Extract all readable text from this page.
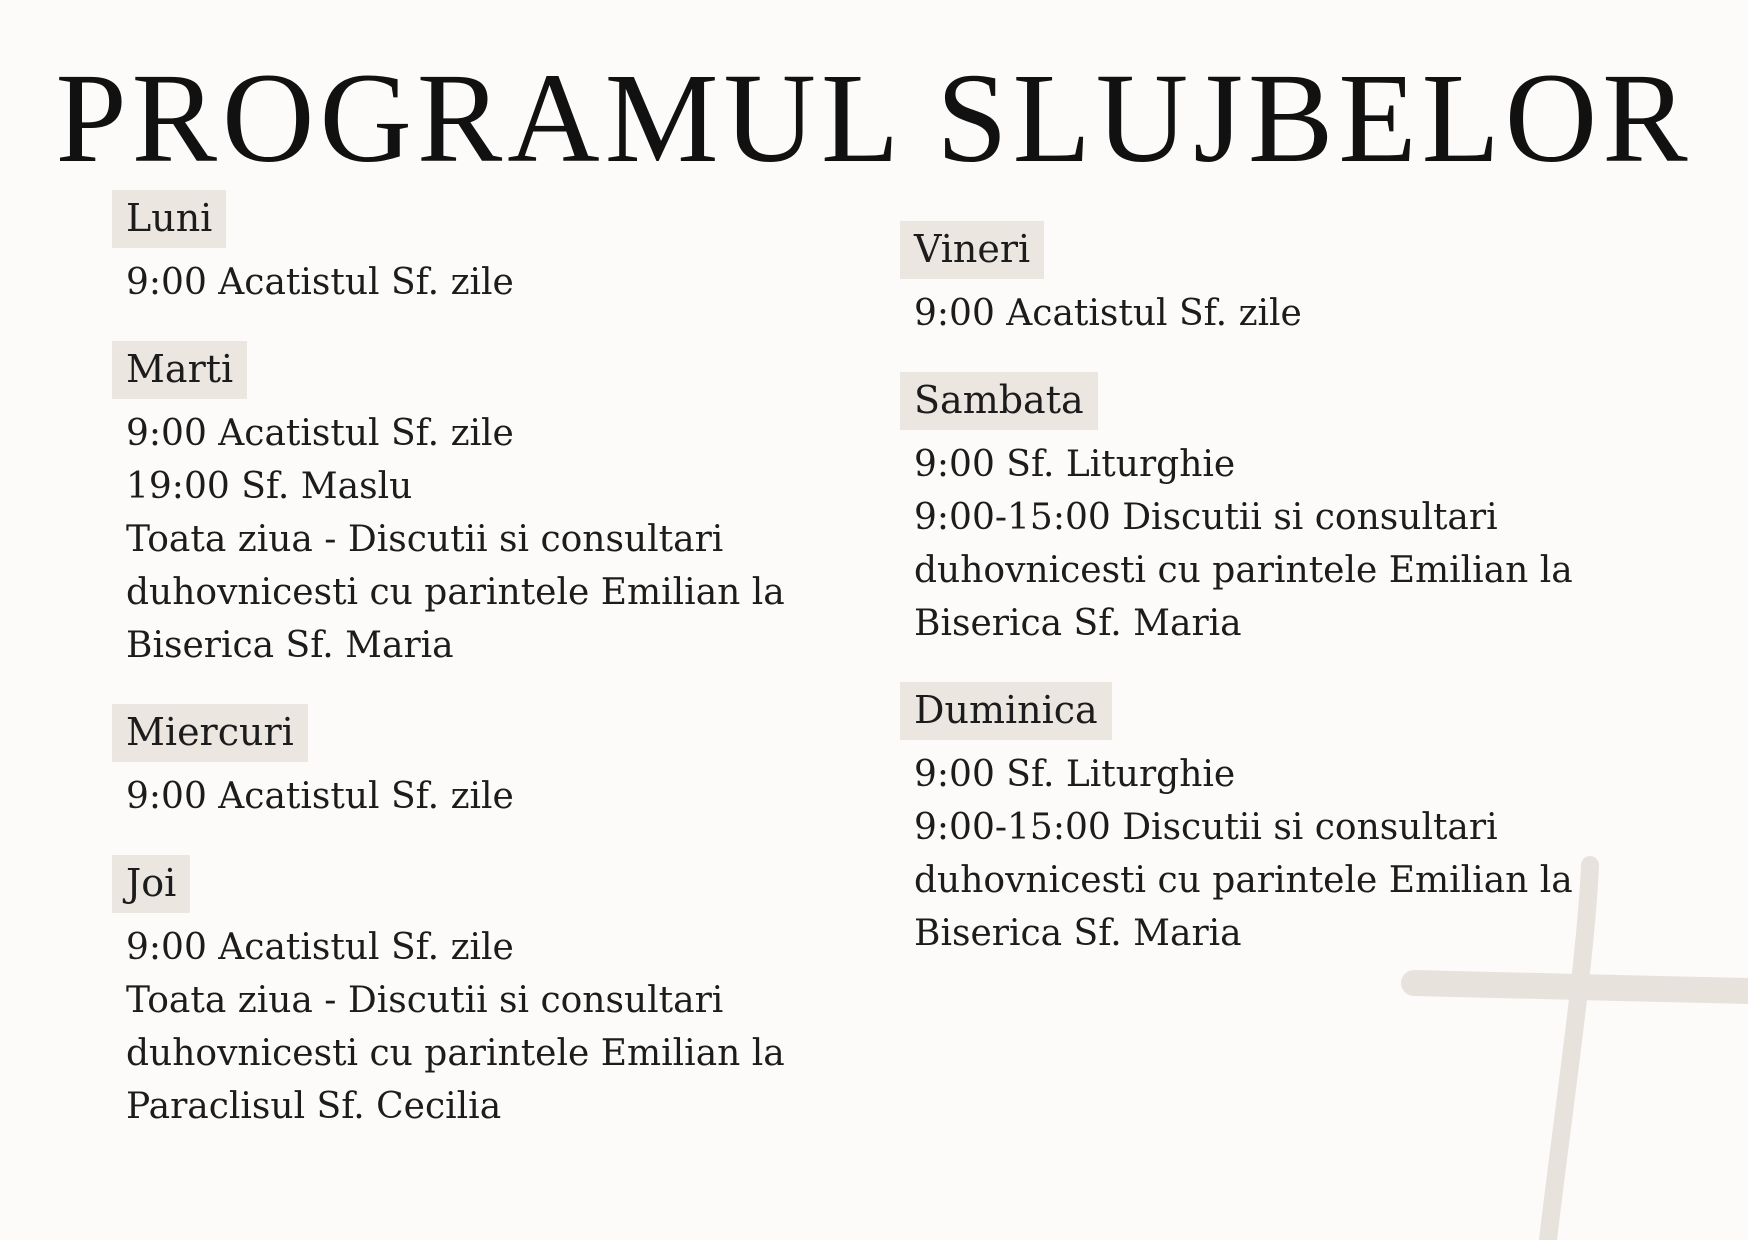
PROGRAMUL SLUJBELOR
Luni

9:00 Acatistul Sf. zile

Marti

9:00 Acatistul Sf. zile

19:00 Sf. Maslu

Toata ziua - Discutii si consultari

duhovnicesti cu parintele Emilian la

Biserica Sf. Maria

Miercuri

9:00 Acatistul Sf. zile

Joi

9:00 Acatistul Sf. zile

Toata ziua - Discutii si consultari

duhovnicesti cu parintele Emilian la

Paraclisul Sf. Cecilia

Vineri

9:00 Acatistul Sf. zile

Sambata

9:00 Sf. Liturghie

9:00-15:00 Discutii si consultari

duhovnicesti cu parintele Emilian la

Biserica Sf. Maria

Duminica

9:00 Sf. Liturghie

9:00-15:00 Discutii si consultari

duhovnicesti cu parintele Emilian la

Biserica Sf. Maria
